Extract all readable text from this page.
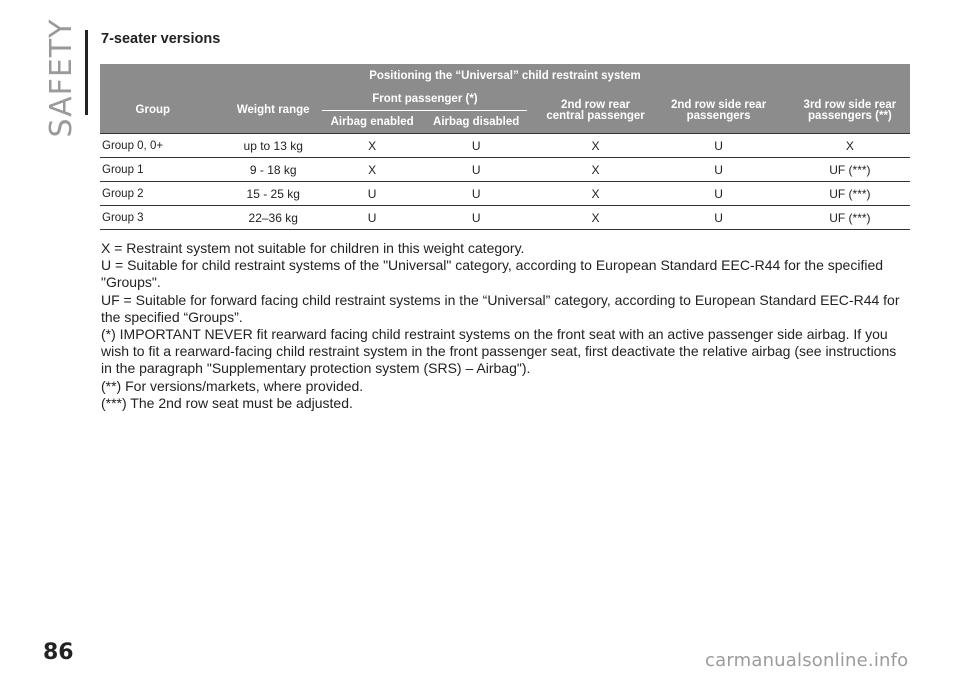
SAFETY 7-seater versions
Positioning the “Universal” child restraint system											
Group		Weight range	Front passenger (*)				2nd row rear central passenger		2nd row side rear passengers		3rd row side rear passengers (**)
			Airbag enabled		Airbag disabled						
Group 0, 0+		up to 13 kg	X		U		X		U		X
Group 1		9 - 18 kg	X		U		X		U		UF (***)
Group 2		15 - 25 kg	U		U		X		U		UF (***)
Group 3		22–36 kg	U		U		X		U		UF (***)

X = Restraint system not suitable for children in this weight category.

U = Suitable for child restraint systems of the "Universal" category, according to European Standard EEC-R44 for the specified "Groups".

UF = Suitable for forward facing child restraint systems in the “Universal” category, according to European Standard EEC-R44 for the specified “Groups”.

(*) IMPORTANT NEVER fit rearward facing child restraint systems on the front seat with an active passenger side airbag. If you wish to fit a rearward-facing child restraint system in the front passenger seat, first deactivate the relative airbag (see instructions in the paragraph "Supplementary protection system (SRS) – Airbag").

(**) For versions/markets, where provided.

(***) The 2nd row seat must be adjusted.

86	carmanualsonline.info
